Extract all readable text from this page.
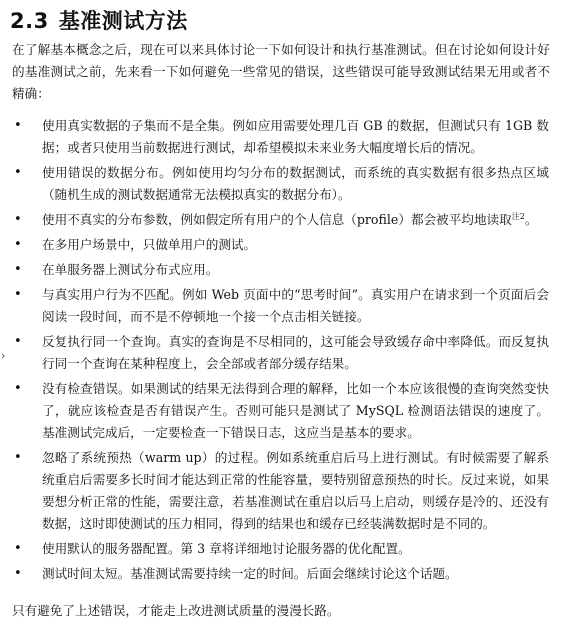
2.3 基准测试方法
在了解基本概念之后，现在可以来具体讨论一下如何设计和执行基准测试。但在讨论如何设计好的基准测试之前，先来看一下如何避免一些常见的错误，这些错误可能导致测试结果无用或者不精确：
›
• 使用真实数据的子集而不是全集。例如应用需要处理几百 GB 的数据，但测试只有 1GB 数据；或者只使用当前数据进行测试，却希望模拟未来业务大幅度增长后的情况。
• 使用错误的数据分布。例如使用均匀分布的数据测试，而系统的真实数据有很多热点区域（随机生成的测试数据通常无法模拟真实的数据分布）。
• 使用不真实的分布参数，例如假定所有用户的个人信息（profile）都会被平均地读取$^{注2}$。
• 在多用户场景中，只做单用户的测试。
• 在单服务器上测试分布式应用。
• 与真实用户行为不匹配。例如 Web 页面中的“思考时间”。真实用户在请求到一个页面后会阅读一段时间，而不是不停顿地一个接一个点击相关链接。
• 反复执行同一个查询。真实的查询是不尽相同的，这可能会导致缓存命中率降低。而反复执行同一个查询在某种程度上，会全部或者部分缓存结果。
• 没有检查错误。如果测试的结果无法得到合理的解释，比如一个本应该很慢的查询突然变快了，就应该检查是否有错误产生。否则可能只是测试了 MySQL 检测语法错误的速度了。基准测试完成后，一定要检查一下错误日志，这应当是基本的要求。
• 忽略了系统预热（warm up）的过程。例如系统重启后马上进行测试。有时候需要了解系统重启后需要多长时间才能达到正常的性能容量，要特别留意预热的时长。反过来说，如果要想分析正常的性能，需要注意，若基准测试在重启以后马上启动，则缓存是冷的、还没有数据，这时即使测试的压力相同，得到的结果也和缓存已经装满数据时是不同的。
• 使用默认的服务器配置。第 3 章将详细地讨论服务器的优化配置。
• 测试时间太短。基准测试需要持续一定的时间。后面会继续讨论这个话题。
只有避免了上述错误，才能走上改进测试质量的漫漫长路。
